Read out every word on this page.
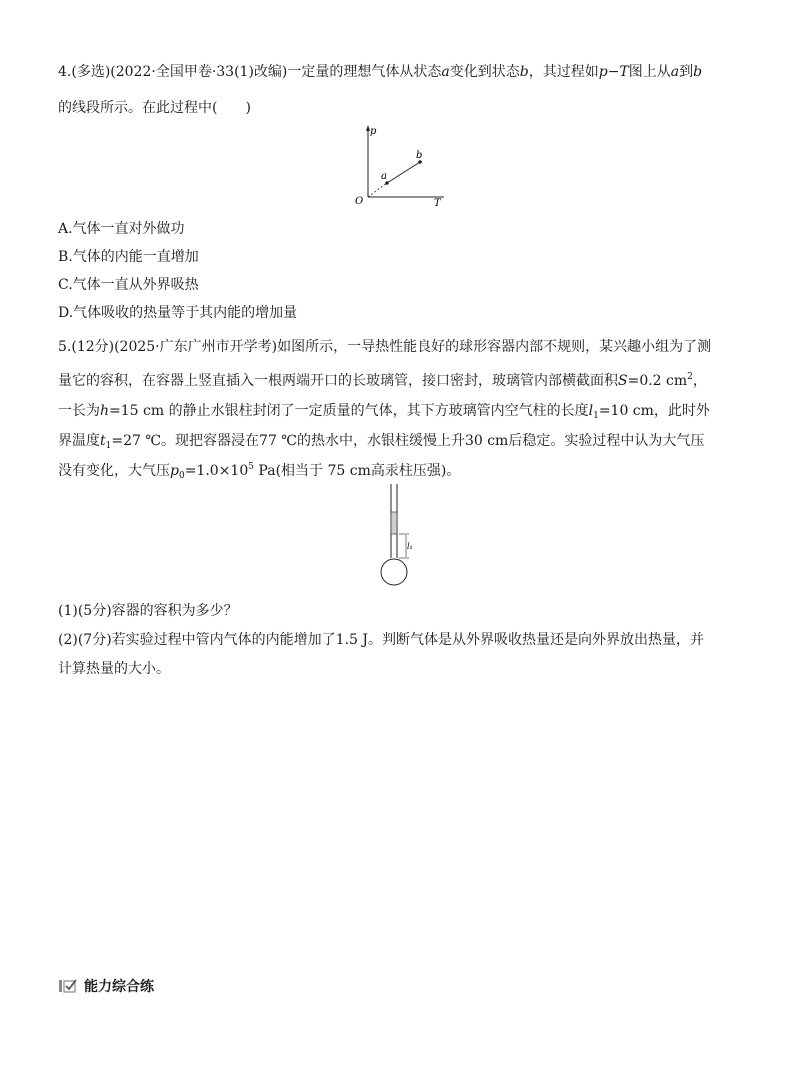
4.(多选)(2022·全国甲卷·33(1)改编)一定量的理想气体从状态a变化到状态b，其过程如p−T图上从a到b
的线段所示。在此过程中(　　)
p
T
O
a
b
A.气体一直对外做功
B.气体的内能一直增加
C.气体一直从外界吸热
D.气体吸收的热量等于其内能的增加量
5.(12分)(2025·广东广州市开学考)如图所示，一导热性能良好的球形容器内部不规则，某兴趣小组为了测
量它的容积，在容器上竖直插入一根两端开口的长玻璃管，接口密封，玻璃管内部横截面积S=0.2 $cm^2$，
一长为h=15 cm 的静止水银柱封闭了一定质量的气体，其下方玻璃管内空气柱的长度$l_1=10$ cm，此时外
界温度$t_1=27$ ℃。现把容器浸在77 ℃的热水中，水银柱缓慢上升30 cm后稳定。实验过程中认为大气压
没有变化，大气压$p_0=1.0\times 10^5$ Pa(相当于 75 cm高汞柱压强)。
l₁
(1)(5分)容器的容积为多少？
(2)(7分)若实验过程中管内气体的内能增加了1.5 J。判断气体是从外界吸收热量还是向外界放出热量，并
计算热量的大小。
能力综合练
